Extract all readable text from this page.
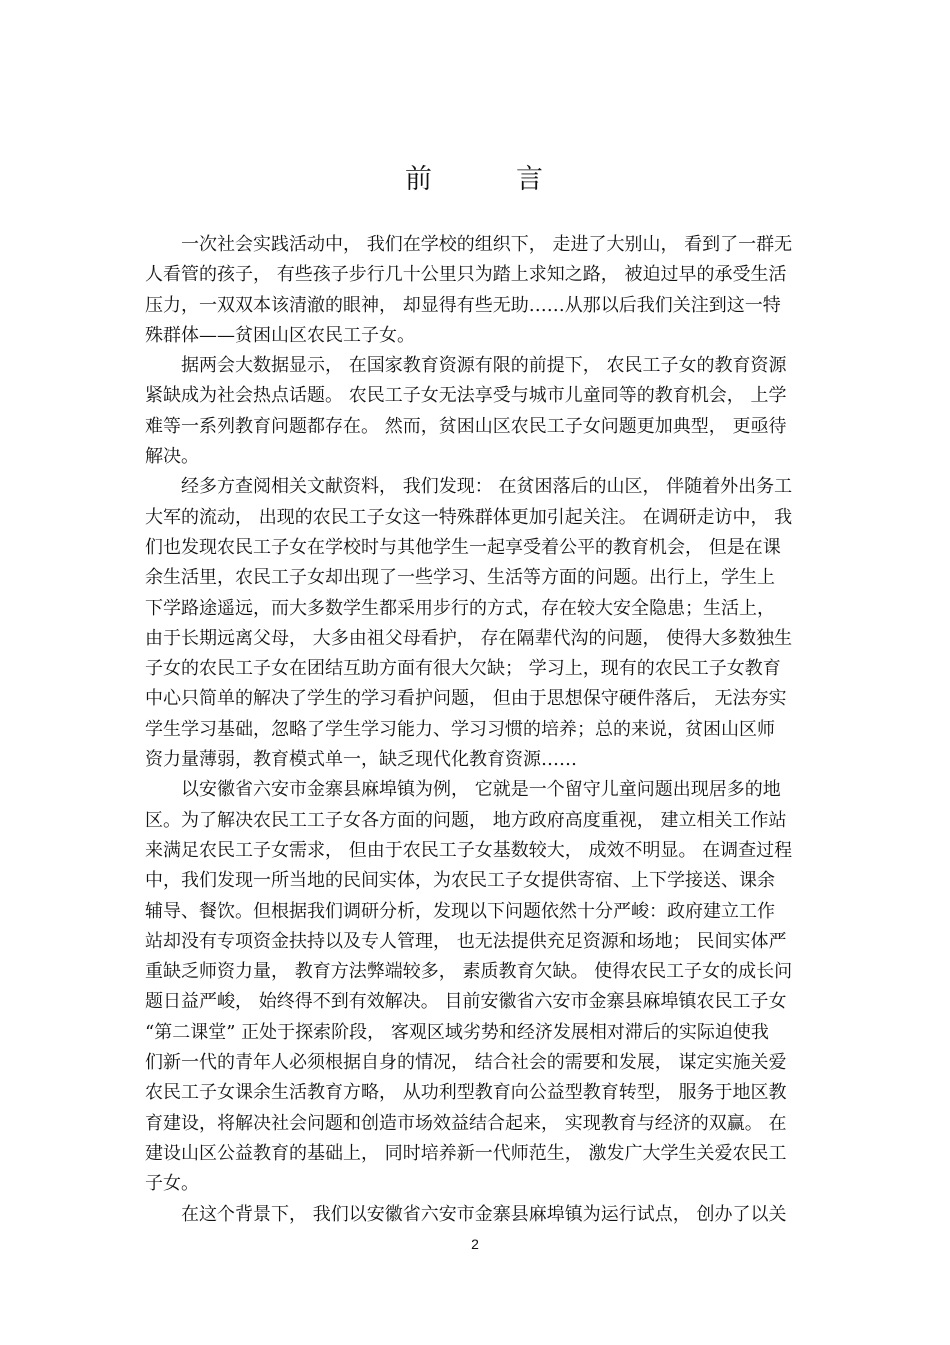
前	言
一次社会实践活动中， 我们在学校的组织下， 走进了大别山， 看到了一群无
人看管的孩子， 有些孩子步行几十公里只为踏上求知之路， 被迫过早的承受生活
压力，一双双本该清澈的眼神， 却显得有些无助……从那以后我们关注到这一特
殊群体——贫困山区农民工子女。
据两会大数据显示， 在国家教育资源有限的前提下， 农民工子女的教育资源
紧缺成为社会热点话题。 农民工子女无法享受与城市儿童同等的教育机会， 上学
难等一系列教育问题都存在。 然而，贫困山区农民工子女问题更加典型， 更亟待
解决。
经多方查阅相关文献资料， 我们发现： 在贫困落后的山区， 伴随着外出务工
大军的流动， 出现的农民工子女这一特殊群体更加引起关注。 在调研走访中， 我
们也发现农民工子女在学校时与其他学生一起享受着公平的教育机会， 但是在课
余生活里，农民工子女却出现了一些学习、生活等方面的问题。出行上，学生上
下学路途遥远，而大多数学生都采用步行的方式，存在较大安全隐患；生活上，
由于长期远离父母， 大多由祖父母看护， 存在隔辈代沟的问题， 使得大多数独生
子女的农民工子女在团结互助方面有很大欠缺； 学习上，现有的农民工子女教育
中心只简单的解决了学生的学习看护问题， 但由于思想保守硬件落后， 无法夯实
学生学习基础，忽略了学生学习能力、学习习惯的培养；总的来说，贫困山区师
资力量薄弱，教育模式单一，缺乏现代化教育资源……
以安徽省六安市金寨县麻埠镇为例， 它就是一个留守儿童问题出现居多的地
区。为了解决农民工工子女各方面的问题， 地方政府高度重视， 建立相关工作站
来满足农民工子女需求， 但由于农民工子女基数较大， 成效不明显。 在调查过程
中，我们发现一所当地的民间实体，为农民工子女提供寄宿、上下学接送、课余
辅导、餐饮。但根据我们调研分析，发现以下问题依然十分严峻：政府建立工作
站却没有专项资金扶持以及专人管理， 也无法提供充足资源和场地； 民间实体严
重缺乏师资力量， 教育方法弊端较多， 素质教育欠缺。 使得农民工子女的成长问
题日益严峻， 始终得不到有效解决。 目前安徽省六安市金寨县麻埠镇农民工子女
“第二课堂” 正处于探索阶段， 客观区域劣势和经济发展相对滞后的实际迫使我
们新一代的青年人必须根据自身的情况， 结合社会的需要和发展， 谋定实施关爱
农民工子女课余生活教育方略， 从功利型教育向公益型教育转型， 服务于地区教
育建设，将解决社会问题和创造市场效益结合起来， 实现教育与经济的双赢。 在
建设山区公益教育的基础上， 同时培养新一代师范生， 激发广大学生关爱农民工
子女。
在这个背景下， 我们以安徽省六安市金寨县麻埠镇为运行试点， 创办了以关
2
